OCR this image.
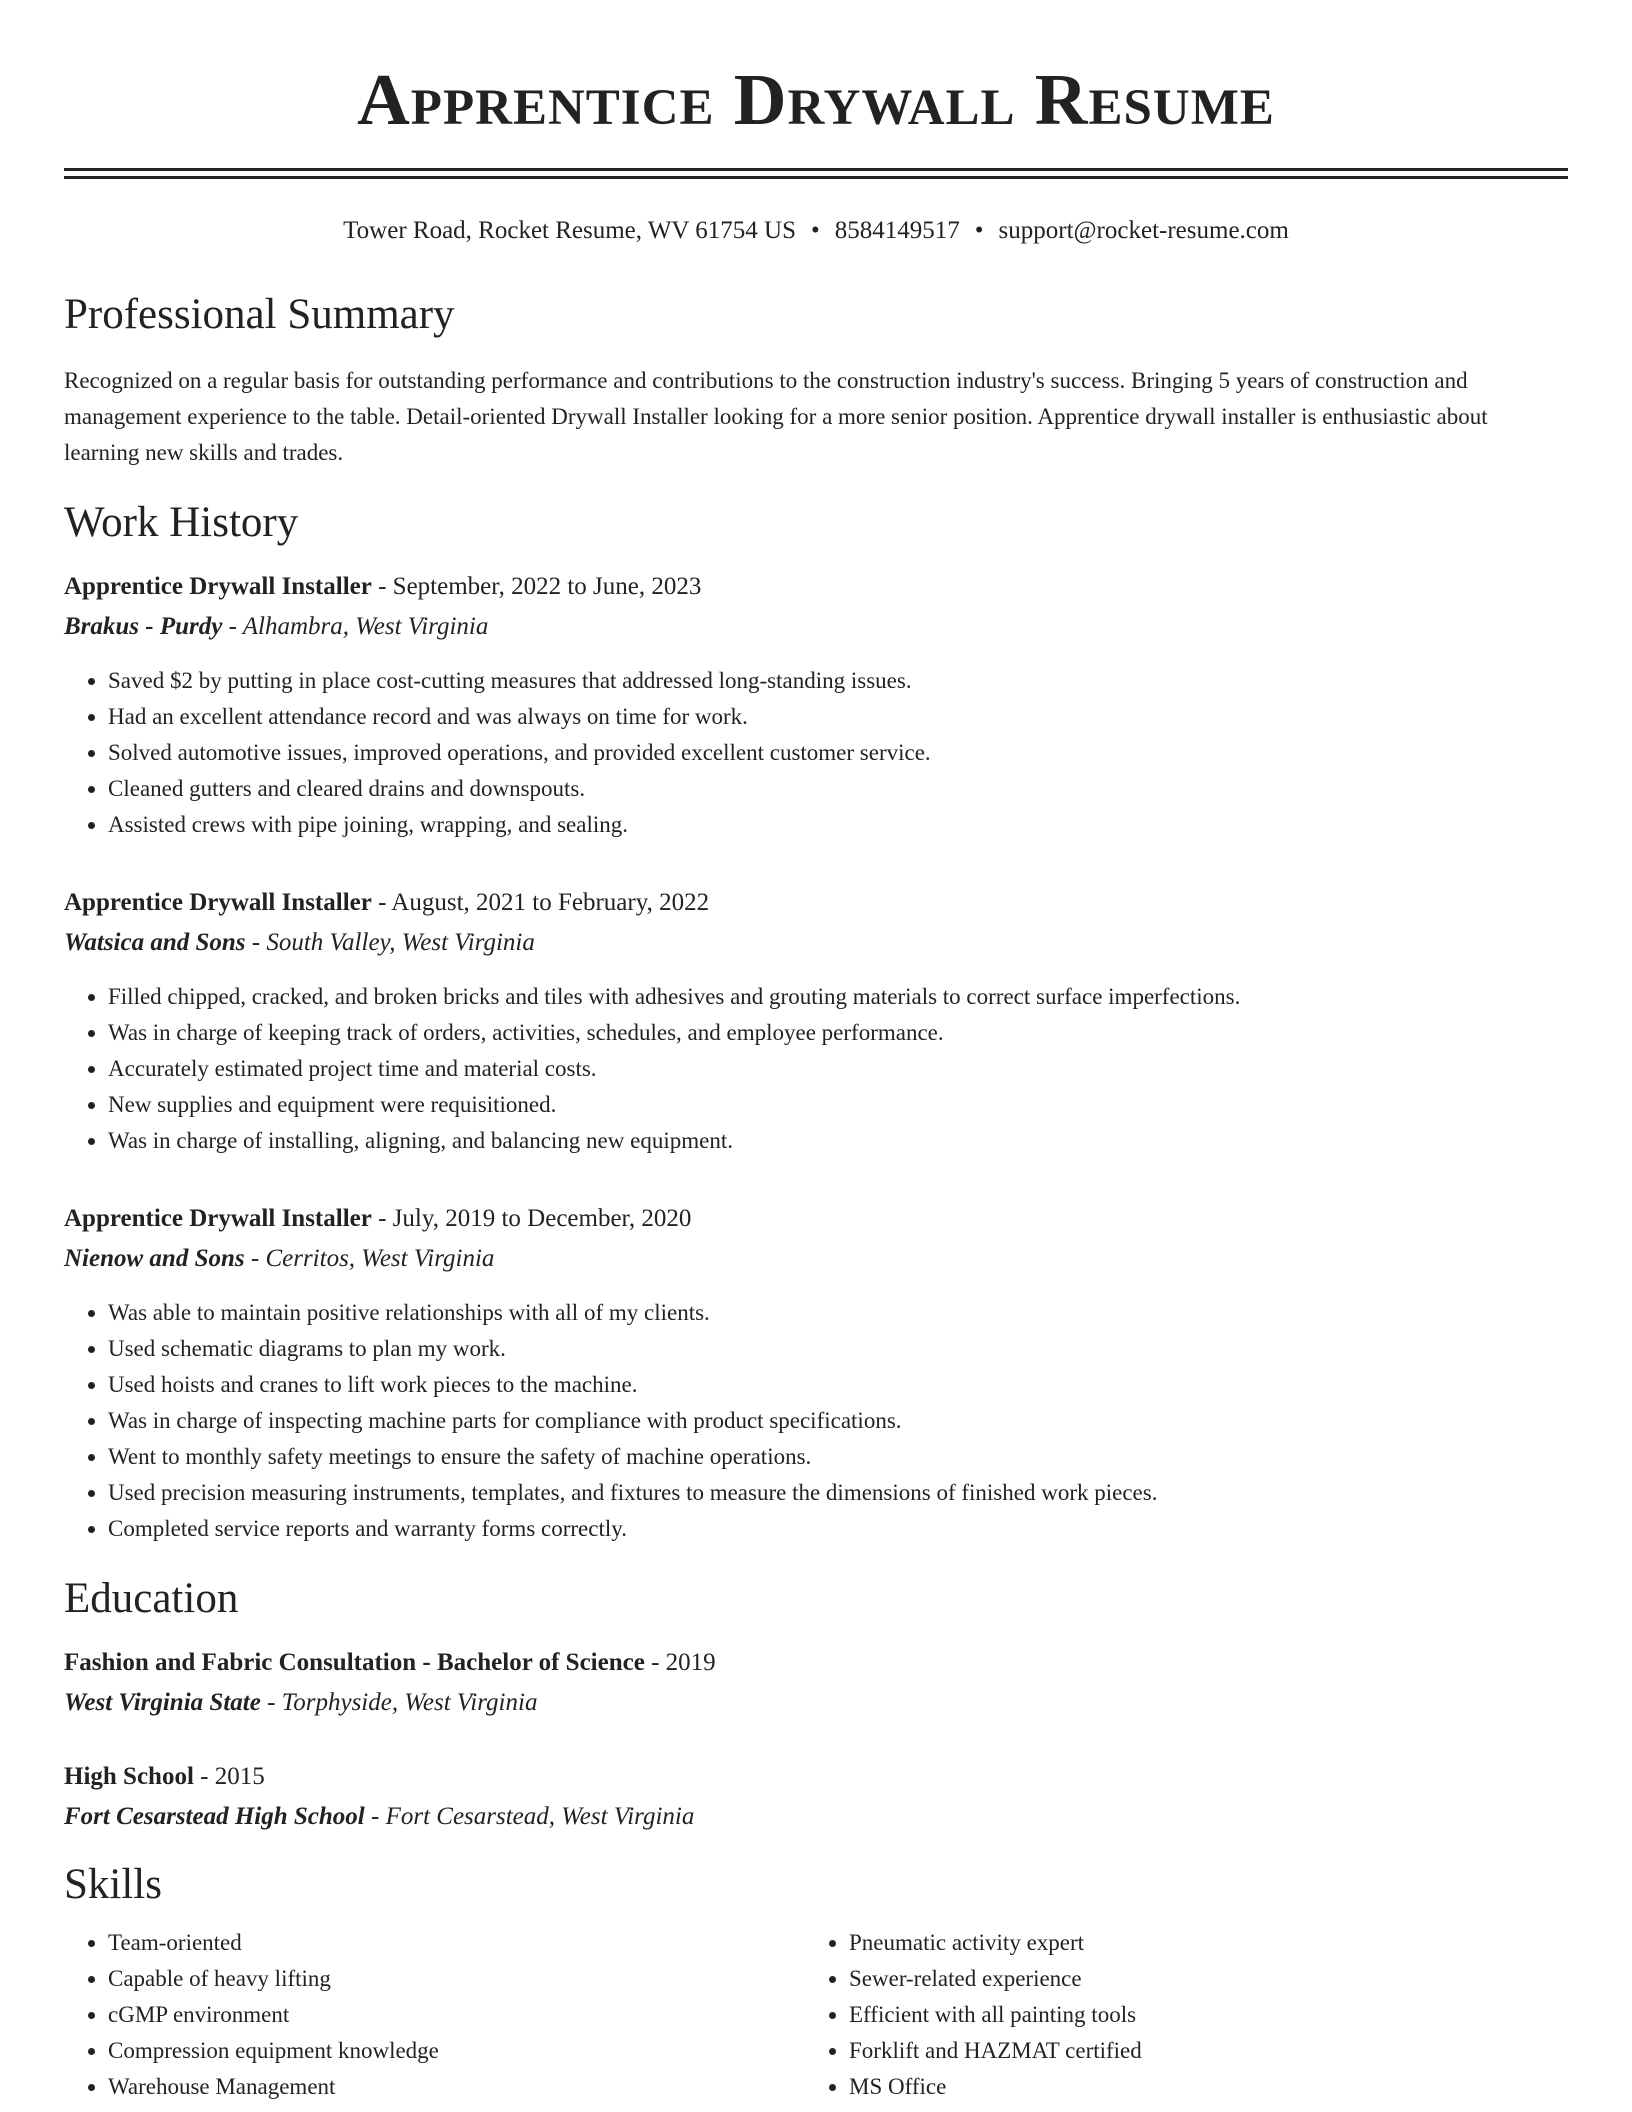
Apprentice Drywall Resume
Tower Road, Rocket Resume, WV 61754 US • 8584149517 • support@rocket-resume.com
Professional Summary

Recognized on a regular basis for outstanding performance and contributions to the construction industry's success. Bringing 5 years of construction and management experience to the table. Detail-oriented Drywall Installer looking for a more senior position. Apprentice drywall installer is enthusiastic about learning new skills and trades.

Work History
Apprentice Drywall Installer - September, 2022 to June, 2023
Brakus - Purdy - Alhambra, West Virginia
• Saved $2 by putting in place cost-cutting measures that addressed long-standing issues.
• Had an excellent attendance record and was always on time for work.
• Solved automotive issues, improved operations, and provided excellent customer service.
• Cleaned gutters and cleared drains and downspouts.
• Assisted crews with pipe joining, wrapping, and sealing.
Apprentice Drywall Installer - August, 2021 to February, 2022
Watsica and Sons - South Valley, West Virginia
• Filled chipped, cracked, and broken bricks and tiles with adhesives and grouting materials to correct surface imperfections.
• Was in charge of keeping track of orders, activities, schedules, and employee performance.
• Accurately estimated project time and material costs.
• New supplies and equipment were requisitioned.
• Was in charge of installing, aligning, and balancing new equipment.
Apprentice Drywall Installer - July, 2019 to December, 2020
Nienow and Sons - Cerritos, West Virginia
• Was able to maintain positive relationships with all of my clients.
• Used schematic diagrams to plan my work.
• Used hoists and cranes to lift work pieces to the machine.
• Was in charge of inspecting machine parts for compliance with product specifications.
• Went to monthly safety meetings to ensure the safety of machine operations.
• Used precision measuring instruments, templates, and fixtures to measure the dimensions of finished work pieces.
• Completed service reports and warranty forms correctly.
Education
Fashion and Fabric Consultation - Bachelor of Science - 2019
West Virginia State - Torphyside, West Virginia
High School - 2015
Fort Cesarstead High School - Fort Cesarstead, West Virginia
Skills
• Team-oriented
• Capable of heavy lifting
• cGMP environment
• Compression equipment knowledge
• Warehouse Management
• Pneumatic activity expert
• Sewer-related experience
• Efficient with all painting tools
• Forklift and HAZMAT certified
• MS Office
